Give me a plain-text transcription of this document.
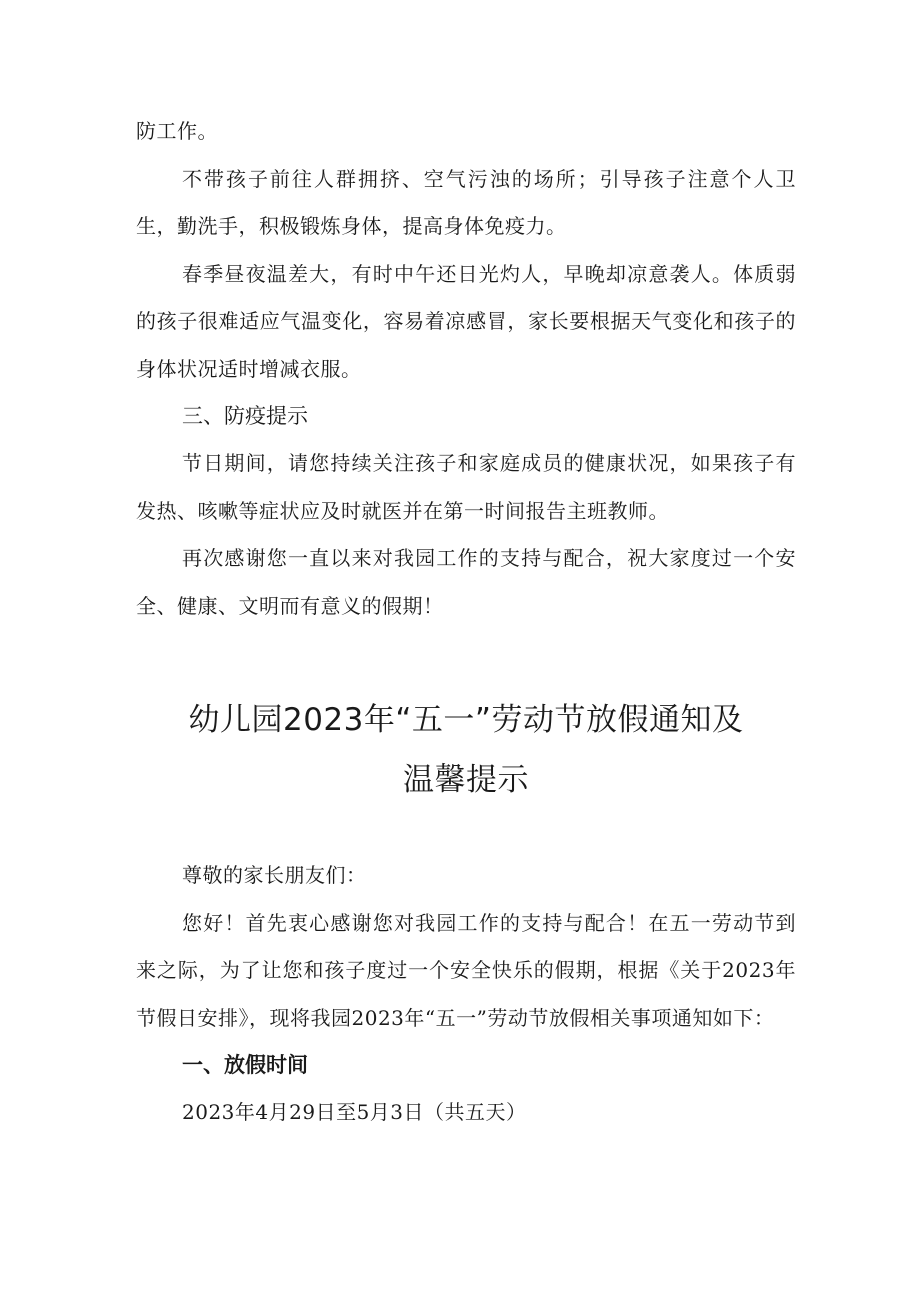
防工作。

不带孩子前往人群拥挤、空气污浊的场所；引导孩子注意个人卫生，勤洗手，积极锻炼身体，提高身体免疫力。

春季昼夜温差大，有时中午还日光灼人，早晚却凉意袭人。体质弱的孩子很难适应气温变化，容易着凉感冒，家长要根据天气变化和孩子的身体状况适时增减衣服。

三、防疫提示

节日期间，请您持续关注孩子和家庭成员的健康状况，如果孩子有发热、咳嗽等症状应及时就医并在第一时间报告主班教师。

再次感谢您一直以来对我园工作的支持与配合，祝大家度过一个安全、健康、文明而有意义的假期！

幼儿园2023年“五一”劳动节放假通知及
温馨提示

尊敬的家长朋友们：

您好！首先衷心感谢您对我园工作的支持与配合！在五一劳动节到来之际，为了让您和孩子度过一个安全快乐的假期，根据《关于2023年节假日安排》，现将我园2023年“五一”劳动节放假相关事项通知如下：

一、放假时间

2023年4月29日至5月3日（共五天）
